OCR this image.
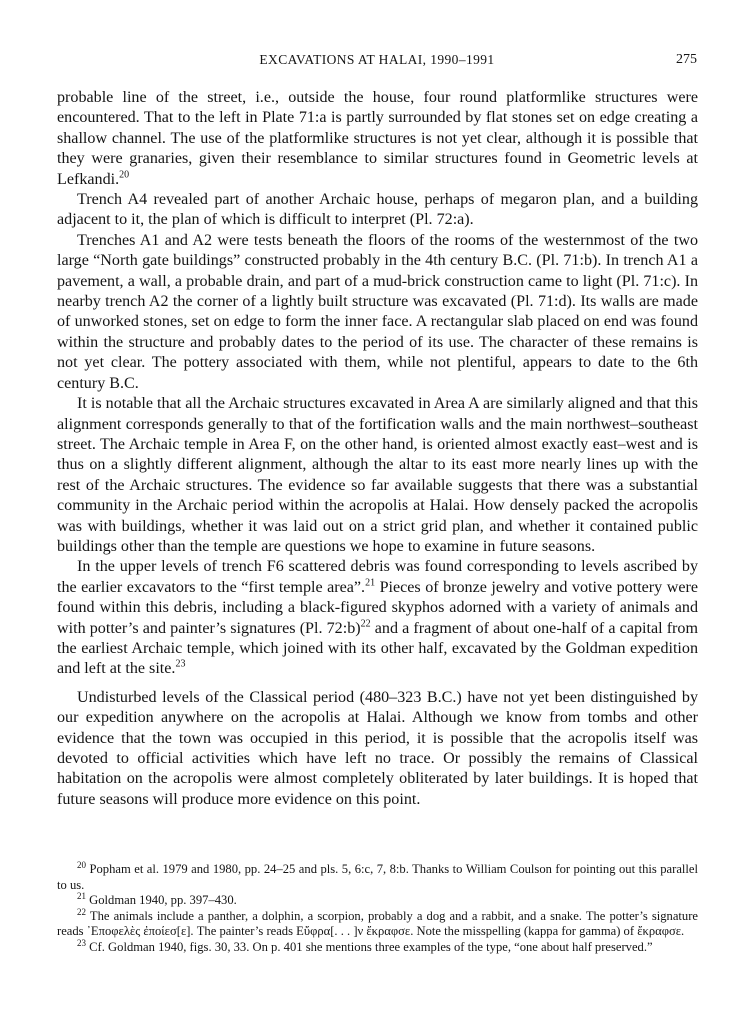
EXCAVATIONS AT HALAI, 1990–1991	275

probable line of the street, i.e., outside the house, four round platformlike structures were encountered. That to the left in Plate 71:a is partly surrounded by flat stones set on edge creating a shallow channel. The use of the platformlike structures is not yet clear, although it is possible that they were granaries, given their resemblance to similar structures found in Geometric levels at Lefkandi.$^{20}$

Trench A4 revealed part of another Archaic house, perhaps of megaron plan, and a building adjacent to it, the plan of which is difficult to interpret (Pl. 72:a).

Trenches A1 and A2 were tests beneath the floors of the rooms of the westernmost of the two large “North gate buildings” constructed probably in the 4th century B.C. (Pl. 71:b). In trench A1 a pavement, a wall, a probable drain, and part of a mud-brick construction came to light (Pl. 71:c). In nearby trench A2 the corner of a lightly built structure was excavated (Pl. 71:d). Its walls are made of unworked stones, set on edge to form the inner face. A rectangular slab placed on end was found within the structure and probably dates to the period of its use. The character of these remains is not yet clear. The pottery associated with them, while not plentiful, appears to date to the 6th century B.C.

It is notable that all the Archaic structures excavated in Area A are similarly aligned and that this alignment corresponds generally to that of the fortification walls and the main northwest–southeast street. The Archaic temple in Area F, on the other hand, is oriented almost exactly east–west and is thus on a slightly different alignment, although the altar to its east more nearly lines up with the rest of the Archaic structures. The evidence so far available suggests that there was a substantial community in the Archaic period within the acropolis at Halai. How densely packed the acropolis was with buildings, whether it was laid out on a strict grid plan, and whether it contained public buildings other than the temple are questions we hope to examine in future seasons.

In the upper levels of trench F6 scattered debris was found corresponding to levels ascribed by the earlier excavators to the “first temple area”.$^{21}$ Pieces of bronze jewelry and votive pottery were found within this debris, including a black-figured skyphos adorned with a variety of animals and with potter’s and painter’s signatures (Pl. 72:b)$^{22}$ and a fragment of about one-half of a capital from the earliest Archaic temple, which joined with its other half, excavated by the Goldman expedition and left at the site.$^{23}$

Undisturbed levels of the Classical period (480–323 B.C.) have not yet been distinguished by our expedition anywhere on the acropolis at Halai. Although we know from tombs and other evidence that the town was occupied in this period, it is possible that the acropolis itself was devoted to official activities which have left no trace. Or possibly the remains of Classical habitation on the acropolis were almost completely obliterated by later buildings. It is hoped that future seasons will produce more evidence on this point.

$^{20}$ Popham et al. 1979 and 1980, pp. 24–25 and pls. 5, 6:c, 7, 8:b. Thanks to William Coulson for pointing out this parallel to us.

$^{21}$ Goldman 1940, pp. 397–430.

$^{22}$ The animals include a panther, a dolphin, a scorpion, probably a dog and a rabbit, and a snake. The potter’s signature reads ᾿Εποφελὲς ἐποίεσ[ε]. The painter’s reads Εὔφρα[. . . ]ν ἔκραφσε. Note the misspelling (kappa for gamma) of ἔκραφσε.

$^{23}$ Cf. Goldman 1940, figs. 30, 33. On p. 401 she mentions three examples of the type, “one about half preserved.”
